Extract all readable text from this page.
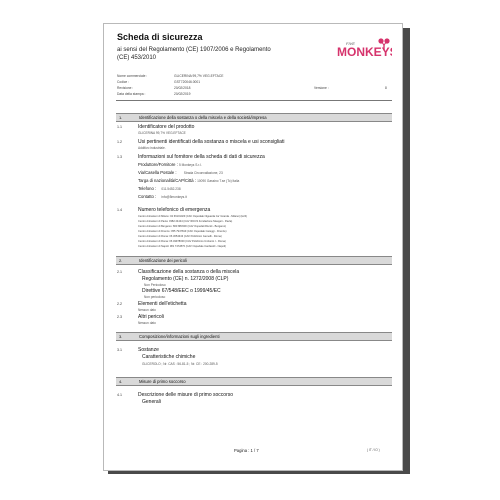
Scheda di sicurezza
ai sensi del Regolamento (CE) 1907/2006 e Regolamento
(CE) 453/2010
FIVE
MONKEYS
Nome commerciale :	GLICERINA 99,7% VEG.EFTACE
Codice :	GST720046.0001
Revisione :	20/02/2018	Versione :	8
Data della stampa :	20/02/2019
1.	Identificazione della sostanza o della miscela e della società/impresa
1.1	Identificatore del prodotto
GLICERINA 99,7% VEG.EFTACE
1.2	Usi pertinenti identificati della sostanza o miscela e usi sconsigliati
Additivo industriale.
1.3	Informazioni sul fornitore della scheda di dati di sicurezza
Produttore/Fornitore : 5 Monkeys S.r.l.
Via/Casella Postale : Strada Circonvallazione, 23
Targa di nazionalità/CAP/Città : 10090 Gassino T.se (To) Italia
Telefono : 011.5452.238
Contatto : info@5monkeys.it
1.4	Numero telefonico di emergenza
Centro Antiveleni di Milano: 02 66101029 (CAV Ospedale Niguarda Ca' Granda - Milano) (H24)
Centro Antiveleni di Pavia: 0382 24444 (CAV IRCCS Fondazione Maugeri - Pavia)
Centro Antiveleni di Bergamo: 800 883300 (CAV Ospedali Riuniti - Bergamo)
Centro Antiveleni di Firenze: 055 7947819 (CAV Ospedale Careggi - Firenze)
Centro Antiveleni di Roma: 06 3054343 (CAV Policlinico Gemelli - Roma)
Centro Antiveleni di Roma: 06 49978000 (CAV Policlinico Umberto I - Roma)
Centro Antiveleni di Napoli: 081 7472870 (CAV Ospedale Cardarelli - Napoli)
2.	Identificazione dei pericoli
2.1	Classificazione della sostanza o della miscela
Regolamento (CE) n. 1272/2008 (CLP)
Non Pericoloso
Direttive 67/548/EEC o 1999/45/EC
Non pericoloso
2.2	Elementi dell'etichetta
Nessun dato
2.3	Altri pericoli
Nessun dato
3.	Composizione/informazioni sugli ingredienti
3.1	Sostanze
Caratteristiche chimiche
GLICEROLO ; Nr. CAS : 56-81-5 ; Nr. CE : 200-289-5
4.	Misure di primo soccorso
4.1	Descrizione delle misure di primo soccorso
Generali
Pagina : 1 / 7	( IT / IO )
